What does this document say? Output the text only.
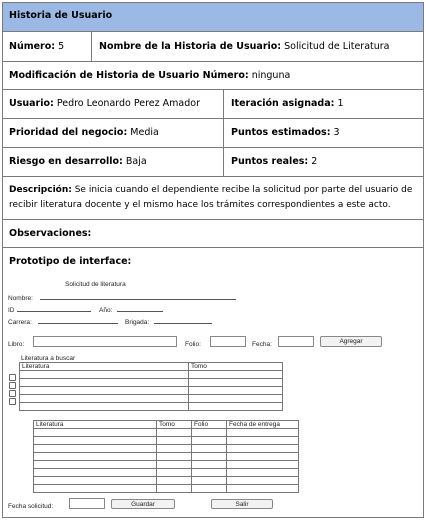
Historia de Usuario
Número: 5	Nombre de la Historia de Usuario: Solicitud de Literatura
Modificación de Historia de Usuario Número: ninguna
Usuario: Pedro Leonardo Perez Amador	Iteración asignada: 1
Prioridad del negocio: Media	Puntos estimados: 3
Riesgo en desarrollo: Baja	Puntos reales: 2
Descripción: Se inicia cuando el dependiente recibe la solicitud por parte del usuario de recibir literatura docente y el mismo hace los trámites correspondientes a este acto.
Observaciones:
Prototipo de interface:
Solicitud de literatura
Nombre:
ID	Año:
Carrera:	Brigada:
Libro:	Folio:	Fecha:	Agregar
Literatura a buscar
Literatura	Tomo

Literatura	Tomo	Folio	Fecha de entrega

Fecha solicitud:	Guardar	Salir
